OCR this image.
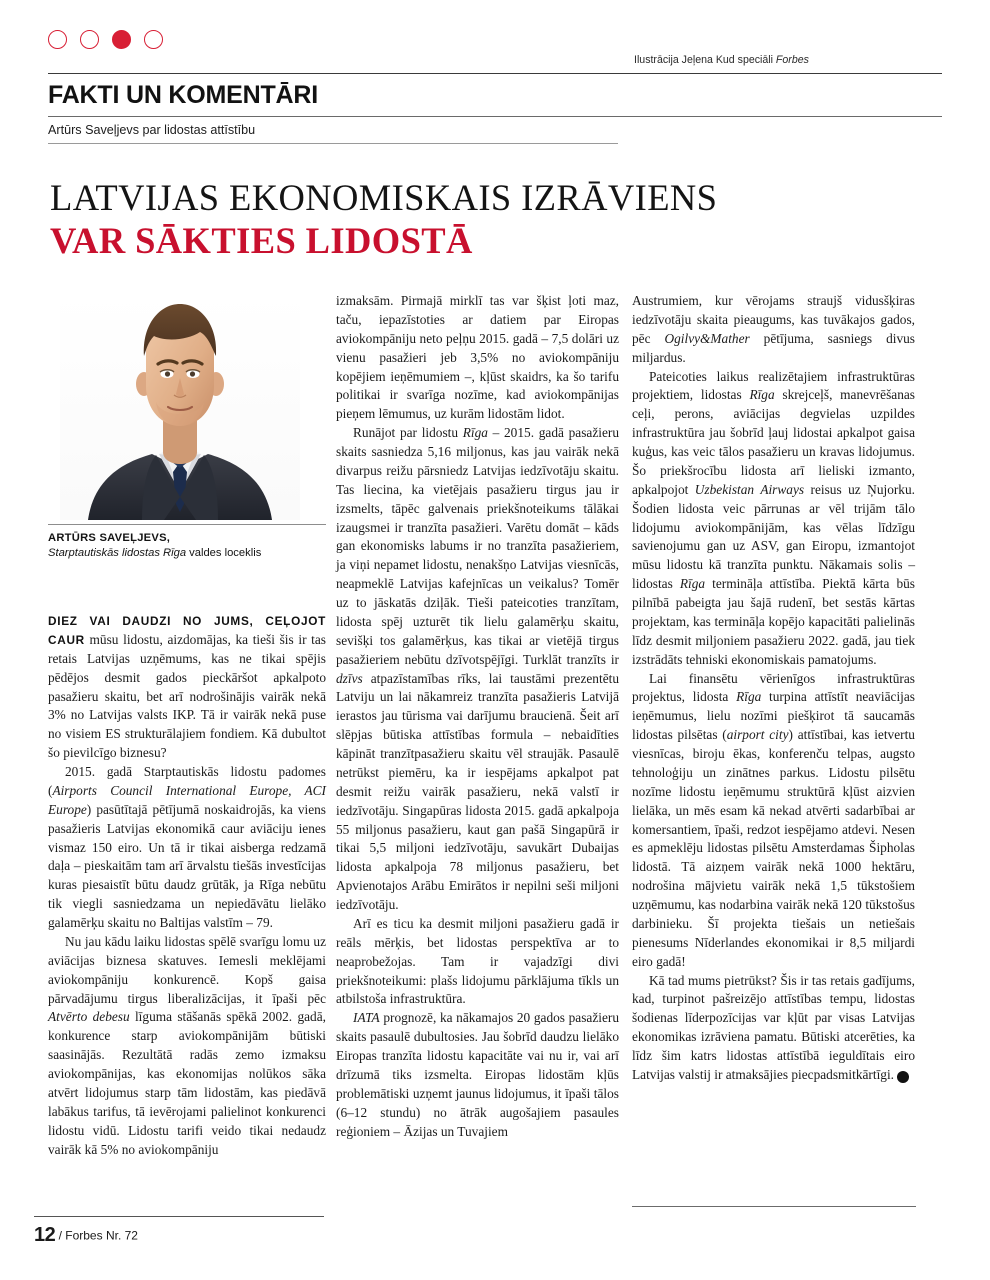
FAKTI UN KOMENTĀRI
Artūrs Saveļjevs par lidostas attīstību
Ilustrācija Jeļena Kud speciāli Forbes
LATVIJAS EKONOMISKAIS IZRĀVIENS
VAR SĀKTIES LIDOSTĀ
ARTŪRS SAVEĻJEVS,
Starptautiskās lidostas Rīga valdes loceklis

DIEZ VAI DAUDZI NO JUMS, CEĻOJOT CAUR mūsu lidostu, aizdomājas, ka tieši šis ir tas retais Latvijas uzņēmums, kas ne tikai spējis pēdējos desmit gados pieckāršot apkalpoto pasažieru skaitu, bet arī nodrošinājis vairāk nekā 3% no Latvijas valsts IKP. Tā ir vairāk nekā puse no visiem ES strukturālajiem fondiem. Kā dubultot šo pievilcīgo biznesu?

2015. gadā Starptautiskās lidostu padomes (Airports Council International Europe, ACI Europe) pasūtītajā pētījumā noskaidrojās, ka viens pasažieris Latvijas ekonomikā caur aviāciju ienes vismaz 150 eiro. Un tā ir tikai aisberga redzamā daļa – pieskaitām tam arī ārvalstu tiešās investīcijas kuras piesaistīt būtu daudz grūtāk, ja Rīga nebūtu tik viegli sasniedzama un nepiedāvātu lielāko galamērķu skaitu no Baltijas valstīm – 79.

Nu jau kādu laiku lidostas spēlē svarīgu lomu uz aviācijas biznesa skatuves. Iemesli meklējami aviokompāniju konkurencē. Kopš gaisa pārvadājumu tirgus liberalizācijas, it īpaši pēc Atvērto debesu līguma stāšanās spēkā 2002. gadā, konkurence starp aviokompānijām būtiski saasinājās. Rezultātā radās zemo izmaksu aviokompānijas, kas ekonomijas nolūkos sāka atvērt lidojumus starp tām lidostām, kas piedāvā labākus tarifus, tā ievērojami palielinot konkurenci lidostu vidū. Lidostu tarifi veido tikai nedaudz vairāk kā 5% no aviokompāniju

izmaksām. Pirmajā mirklī tas var šķist ļoti maz, taču, iepazīstoties ar datiem par Eiropas aviokompāniju neto peļņu 2015. gadā – 7,5 dolāri uz vienu pasažieri jeb 3,5% no aviokompāniju kopējiem ieņēmumiem –, kļūst skaidrs, ka šo tarifu politikai ir svarīga nozīme, kad aviokompānijas pieņem lēmumus, uz kurām lidostām lidot.

Runājot par lidostu Rīga – 2015. gadā pasažieru skaits sasniedza 5,16 miljonus, kas jau vairāk nekā divarpus reižu pārsniedz Latvijas iedzīvotāju skaitu. Tas liecina, ka vietējais pasažieru tirgus jau ir izsmelts, tāpēc galvenais priekšnoteikums tālākai izaugsmei ir tranzīta pasažieri. Varētu domāt – kāds gan ekonomisks labums ir no tranzīta pasažieriem, ja viņi nepamet lidostu, nenakšņo Latvijas viesnīcās, neapmeklē Latvijas kafejnīcas un veikalus? Tomēr uz to jāskatās dziļāk. Tieši pateicoties tranzītam, lidosta spēj uzturēt tik lielu galamērķu skaitu, sevišķi tos galamērķus, kas tikai ar vietējā tirgus pasažieriem nebūtu dzīvotspējīgi. Turklāt tranzīts ir dzīvs atpazīstamības rīks, lai taustāmi prezentētu Latviju un lai nākamreiz tranzīta pasažieris Latvijā ierastos jau tūrisma vai darījumu braucienā. Šeit arī slēpjas būtiska attīstības formula – nebaidīties kāpināt tranzītpasažieru skaitu vēl straujāk. Pasaulē netrūkst piemēru, ka ir iespējams apkalpot pat desmit reižu vairāk pasažieru, nekā valstī ir iedzīvotāju. Singapūras lidosta 2015. gadā apkalpoja 55 miljonus pasažieru, kaut gan pašā Singapūrā ir tikai 5,5 miljoni iedzīvotāju, savukārt Dubaijas lidosta apkalpoja 78 miljonus pasažieru, bet Apvienotajos Arābu Emirātos ir nepilni seši miljoni iedzīvotāju.

Arī es ticu ka desmit miljoni pasažieru gadā ir reāls mērķis, bet lidostas perspektīva ar to neaprobežojas. Tam ir vajadzīgi divi priekšnoteikumi: plašs lidojumu pārklājuma tīkls un atbilstoša infrastruktūra.

IATA prognozē, ka nākamajos 20 gados pasažieru skaits pasaulē dubultosies. Jau šobrīd daudzu lielāko Eiropas tranzīta lidostu kapacitāte vai nu ir, vai arī drīzumā tiks izsmelta. Eiropas lidostām kļūs problemātiski uzņemt jaunus lidojumus, it īpaši tālos (6–12 stundu) no ātrāk augošajiem pasaules reģioniem – Āzijas un Tuvajiem

Austrumiem, kur vērojams straujš vidusšķiras iedzīvotāju skaita pieaugums, kas tuvākajos gados, pēc Ogilvy&Mather pētījuma, sasniegs divus miljardus.

Pateicoties laikus realizētajiem infrastruktūras projektiem, lidostas Rīga skrejceļš, manevrēšanas ceļi, perons, aviācijas degvielas uzpildes infrastruktūra jau šobrīd ļauj lidostai apkalpot gaisa kuģus, kas veic tālos pasažieru un kravas lidojumus. Šo priekšrocību lidosta arī lieliski izmanto, apkalpojot Uzbekistan Airways reisus uz Ņujorku. Šodien lidosta veic pārrunas ar vēl trijām tālo lidojumu aviokompānijām, kas vēlas līdzīgu savienojumu gan uz ASV, gan Eiropu, izmantojot mūsu lidostu kā tranzīta punktu. Nākamais solis – lidostas Rīga termināļa attīstība. Piektā kārta būs pilnībā pabeigta jau šajā rudenī, bet sestās kārtas projektam, kas termināļa kopējo kapacitāti palielinās līdz desmit miljoniem pasažieru 2022. gadā, jau tiek izstrādāts tehniski ekonomiskais pamatojums.

Lai finansētu vērienīgos infrastruktūras projektus, lidosta Rīga turpina attīstīt neaviācijas ieņēmumus, lielu nozīmi piešķirot tā saucamās lidostas pilsētas (airport city) attīstībai, kas ietvertu viesnīcas, biroju ēkas, konferenču telpas, augsto tehnoloģiju un zinātnes parkus. Lidostu pilsētu nozīme lidostu ieņēmumu struktūrā kļūst aizvien lielāka, un mēs esam kā nekad atvērti sadarbībai ar komersantiem, īpaši, redzot iespējamo atdevi. Nesen es apmeklēju lidostas pilsētu Amsterdamas Šipholas lidostā. Tā aizņem vairāk nekā 1000 hektāru, nodrošina mājvietu vairāk nekā 1,5 tūkstošiem uzņēmumu, kas nodarbina vairāk nekā 120 tūkstošus darbinieku. Šī projekta tiešais un netiešais pienesums Nīderlandes ekonomikai ir 8,5 miljardi eiro gadā!

Kā tad mums pietrūkst? Šis ir tas retais gadījums, kad, turpinot pašreizējo attīstības tempu, lidostas šodienas līderpozīcijas var kļūt par visas Latvijas ekonomikas izrāviena pamatu. Būtiski atcerēties, ka līdz šim katrs lidostas attīstībā ieguldītais eiro Latvijas valstij ir atmaksājies piecpadsmitkārtīgi. F

12 / Forbes Nr. 72
